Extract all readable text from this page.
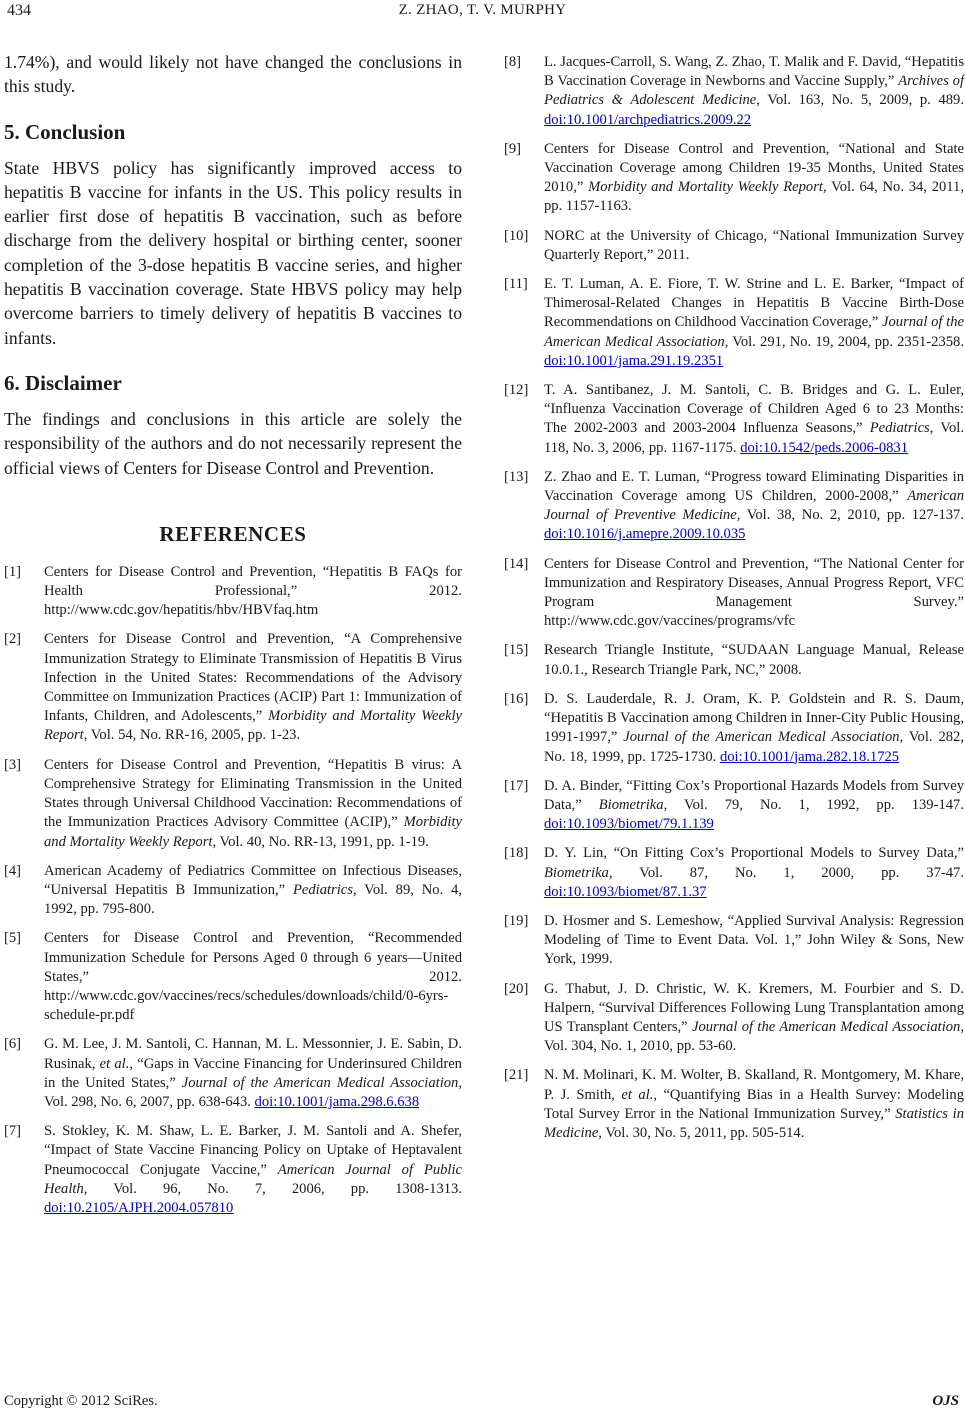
434	Z. ZHAO, T. V. MURPHY

1.74%), and would likely not have changed the conclusions in this study.

5. Conclusion

State HBVS policy has significantly improved access to hepatitis B vaccine for infants in the US. This policy results in earlier first dose of hepatitis B vaccination, such as before discharge from the delivery hospital or birthing center, sooner completion of the 3-dose hepatitis B vaccine series, and higher hepatitis B vaccination coverage. State HBVS policy may help overcome barriers to timely delivery of hepatitis B vaccines to infants.

6. Disclaimer

The findings and conclusions in this article are solely the responsibility of the authors and do not necessarily represent the official views of Centers for Disease Control and Prevention.

REFERENCES
[1]	Centers for Disease Control and Prevention, “Hepatitis B FAQs for Health Professional,” 2012. http://www.cdc.gov/hepatitis/hbv/HBVfaq.htm
[2]	Centers for Disease Control and Prevention, “A Comprehensive Immunization Strategy to Eliminate Transmission of Hepatitis B Virus Infection in the United States: Recommendations of the Advisory Committee on Immunization Practices (ACIP) Part 1: Immunization of Infants, Children, and Adolescents,” Morbidity and Mortality Weekly Report, Vol. 54, No. RR-16, 2005, pp. 1-23.
[3]	Centers for Disease Control and Prevention, “Hepatitis B virus: A Comprehensive Strategy for Eliminating Transmission in the United States through Universal Childhood Vaccination: Recommendations of the Immunization Practices Advisory Committee (ACIP),” Morbidity and Mortality Weekly Report, Vol. 40, No. RR-13, 1991, pp. 1-19.
[4]	American Academy of Pediatrics Committee on Infectious Diseases, “Universal Hepatitis B Immunization,” Pediatrics, Vol. 89, No. 4, 1992, pp. 795-800.
[5]	Centers for Disease Control and Prevention, “Recommended Immunization Schedule for Persons Aged 0 through 6 years—United States,” 2012. http://www.cdc.gov/vaccines/recs/schedules/downloads/child/0-6yrs-schedule-pr.pdf
[6]	G. M. Lee, J. M. Santoli, C. Hannan, M. L. Messonnier, J. E. Sabin, D. Rusinak, et al., “Gaps in Vaccine Financing for Underinsured Children in the United States,” Journal of the American Medical Association, Vol. 298, No. 6, 2007, pp. 638-643. doi:10.1001/jama.298.6.638
[7]	S. Stokley, K. M. Shaw, L. E. Barker, J. M. Santoli and A. Shefer, “Impact of State Vaccine Financing Policy on Uptake of Heptavalent Pneumococcal Conjugate Vaccine,” American Journal of Public Health, Vol. 96, No. 7, 2006, pp. 1308-1313. doi:10.2105/AJPH.2004.057810
[8]	L. Jacques-Carroll, S. Wang, Z. Zhao, T. Malik and F. David, “Hepatitis B Vaccination Coverage in Newborns and Vaccine Supply,” Archives of Pediatrics & Adolescent Medicine, Vol. 163, No. 5, 2009, p. 489. doi:10.1001/archpediatrics.2009.22
[9]	Centers for Disease Control and Prevention, “National and State Vaccination Coverage among Children 19-35 Months, United States 2010,” Morbidity and Mortality Weekly Report, Vol. 64, No. 34, 2011, pp. 1157-1163.
[10]	NORC at the University of Chicago, “National Immunization Survey Quarterly Report,” 2011.
[11]	E. T. Luman, A. E. Fiore, T. W. Strine and L. E. Barker, “Impact of Thimerosal-Related Changes in Hepatitis B Vaccine Birth-Dose Recommendations on Childhood Vaccination Coverage,” Journal of the American Medical Association, Vol. 291, No. 19, 2004, pp. 2351-2358. doi:10.1001/jama.291.19.2351
[12]	T. A. Santibanez, J. M. Santoli, C. B. Bridges and G. L. Euler, “Influenza Vaccination Coverage of Children Aged 6 to 23 Months: The 2002-2003 and 2003-2004 Influenza Seasons,” Pediatrics, Vol. 118, No. 3, 2006, pp. 1167-1175. doi:10.1542/peds.2006-0831
[13]	Z. Zhao and E. T. Luman, “Progress toward Eliminating Disparities in Vaccination Coverage among US Children, 2000-2008,” American Journal of Preventive Medicine, Vol. 38, No. 2, 2010, pp. 127-137. doi:10.1016/j.amepre.2009.10.035
[14]	Centers for Disease Control and Prevention, “The National Center for Immunization and Respiratory Diseases, Annual Progress Report, VFC Program Management Survey.” http://www.cdc.gov/vaccines/programs/vfc
[15]	Research Triangle Institute, “SUDAAN Language Manual, Release 10.0.1., Research Triangle Park, NC,” 2008.
[16]	D. S. Lauderdale, R. J. Oram, K. P. Goldstein and R. S. Daum, “Hepatitis B Vaccination among Children in Inner-City Public Housing, 1991-1997,” Journal of the American Medical Association, Vol. 282, No. 18, 1999, pp. 1725-1730. doi:10.1001/jama.282.18.1725
[17]	D. A. Binder, “Fitting Cox’s Proportional Hazards Models from Survey Data,” Biometrika, Vol. 79, No. 1, 1992, pp. 139-147. doi:10.1093/biomet/79.1.139
[18]	D. Y. Lin, “On Fitting Cox’s Proportional Models to Survey Data,” Biometrika, Vol. 87, No. 1, 2000, pp. 37-47. doi:10.1093/biomet/87.1.37
[19]	D. Hosmer and S. Lemeshow, “Applied Survival Analysis: Regression Modeling of Time to Event Data. Vol. 1,” John Wiley & Sons, New York, 1999.
[20]	G. Thabut, J. D. Christic, W. K. Kremers, M. Fourbier and S. D. Halpern, “Survival Differences Following Lung Transplantation among US Transplant Centers,” Journal of the American Medical Association, Vol. 304, No. 1, 2010, pp. 53-60.
[21]	N. M. Molinari, K. M. Wolter, B. Skalland, R. Montgomery, M. Khare, P. J. Smith, et al., “Quantifying Bias in a Health Survey: Modeling Total Survey Error in the National Immunization Survey,” Statistics in Medicine, Vol. 30, No. 5, 2011, pp. 505-514.
Copyright © 2012 SciRes.	OJS
